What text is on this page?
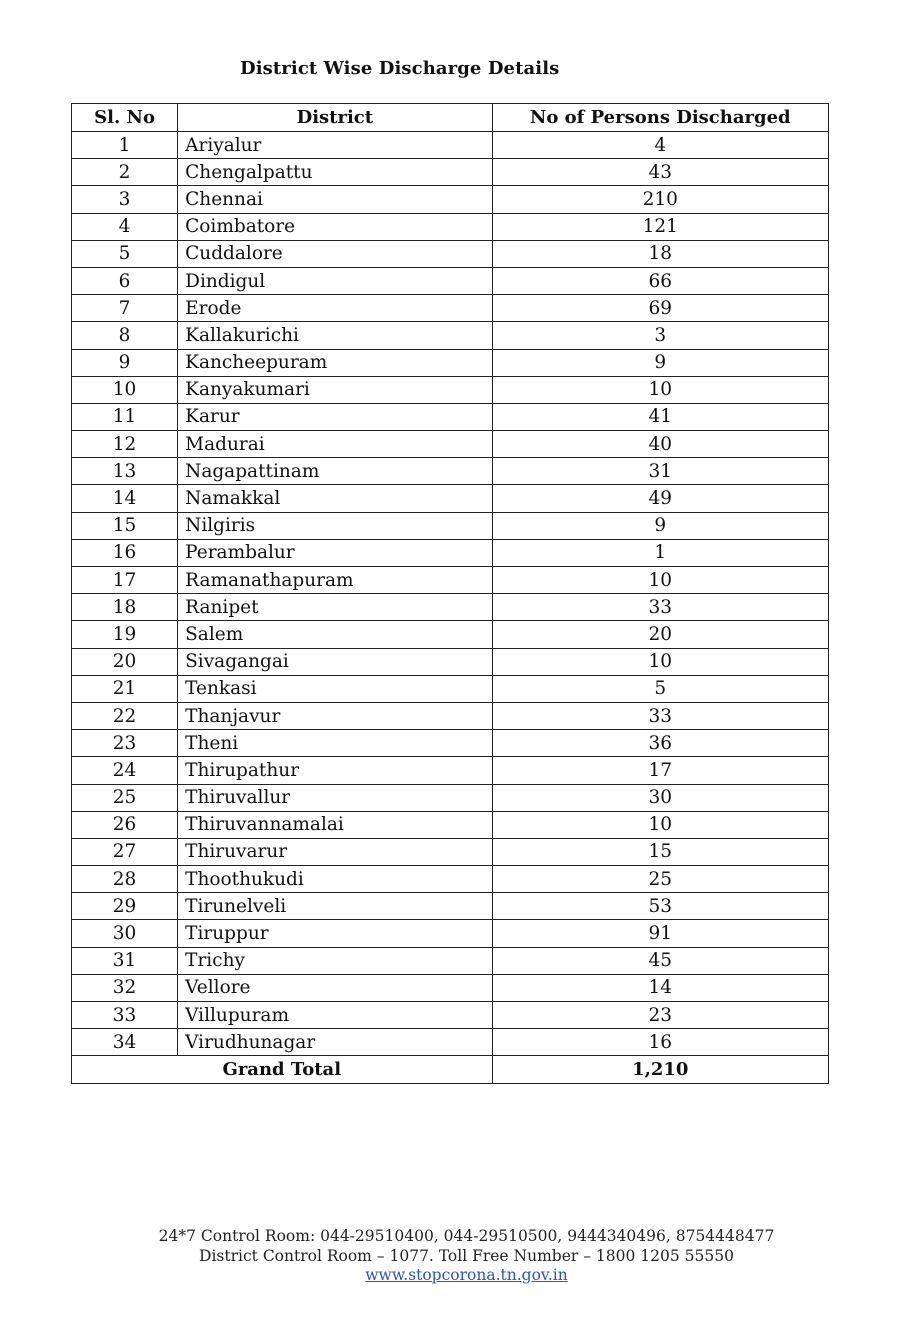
District Wise Discharge Details
Sl. No	District	No of Persons Discharged
1	Ariyalur	4
2	Chengalpattu	43
3	Chennai	210
4	Coimbatore	121
5	Cuddalore	18
6	Dindigul	66
7	Erode	69
8	Kallakurichi	3
9	Kancheepuram	9
10	Kanyakumari	10
11	Karur	41
12	Madurai	40
13	Nagapattinam	31
14	Namakkal	49
15	Nilgiris	9
16	Perambalur	1
17	Ramanathapuram	10
18	Ranipet	33
19	Salem	20
20	Sivagangai	10
21	Tenkasi	5
22	Thanjavur	33
23	Theni	36
24	Thirupathur	17
25	Thiruvallur	30
26	Thiruvannamalai	10
27	Thiruvarur	15
28	Thoothukudi	25
29	Tirunelveli	53
30	Tiruppur	91
31	Trichy	45
32	Vellore	14
33	Villupuram	23
34	Virudhunagar	16
Grand Total		1,210
24*7 Control Room: 044-29510400, 044-29510500, 9444340496, 8754448477
District Control Room – 1077. Toll Free Number – 1800 1205 55550
www.stopcorona.tn.gov.in
